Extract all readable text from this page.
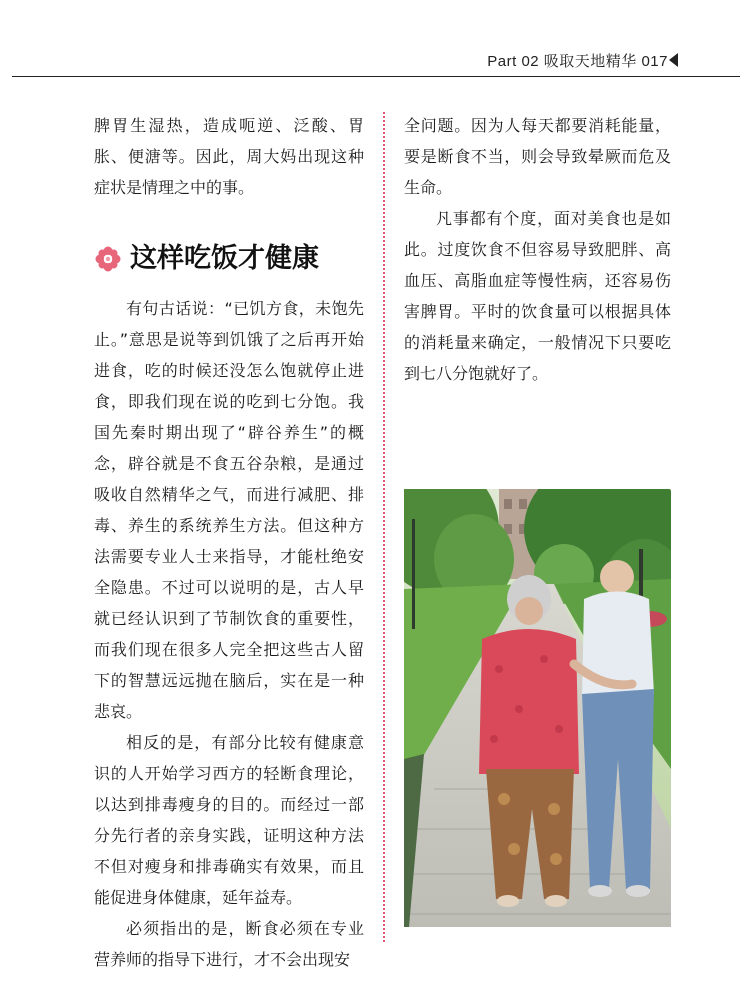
Part 02 吸取天地精华 017

脾胃生湿热，造成呃逆、泛酸、胃胀、便溏等。因此，周大妈出现这种症状是情理之中的事。

这样吃饭才健康

有句古话说：“已饥方食，未饱先止。”意思是说等到饥饿了之后再开始进食，吃的时候还没怎么饱就停止进食，即我们现在说的吃到七分饱。我国先秦时期出现了“辟谷养生”的概念，辟谷就是不食五谷杂粮，是通过吸收自然精华之气，而进行减肥、排毒、养生的系统养生方法。但这种方法需要专业人士来指导，才能杜绝安全隐患。不过可以说明的是，古人早就已经认识到了节制饮食的重要性，而我们现在很多人完全把这些古人留下的智慧远远抛在脑后，实在是一种悲哀。

相反的是，有部分比较有健康意识的人开始学习西方的轻断食理论，以达到排毒瘦身的目的。而经过一部分先行者的亲身实践，证明这种方法不但对瘦身和排毒确实有效果，而且能促进身体健康，延年益寿。

必须指出的是，断食必须在专业营养师的指导下进行，才不会出现安

全问题。因为人每天都要消耗能量，要是断食不当，则会导致晕厥而危及生命。

凡事都有个度，面对美食也是如此。过度饮食不但容易导致肥胖、高血压、高脂血症等慢性病，还容易伤害脾胃。平时的饮食量可以根据具体的消耗量来确定，一般情况下只要吃到七八分饱就好了。
